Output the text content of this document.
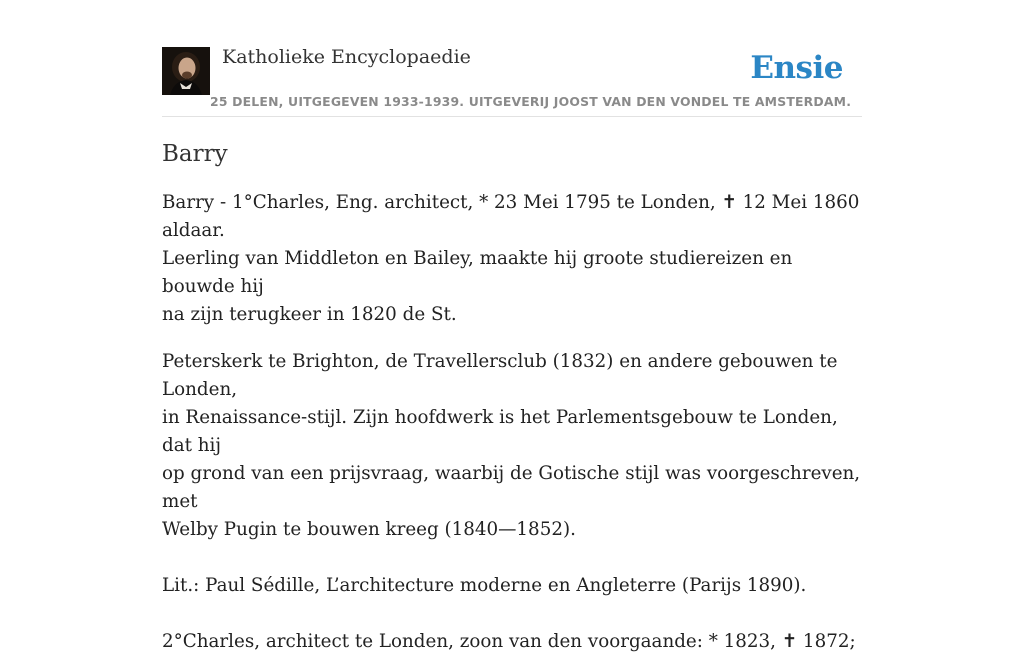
Katholieke Encyclopaedie	Ensie
25 DELEN, UITGEGEVEN 1933-1939. UITGEVERIJ JOOST VAN DEN VONDEL TE AMSTERDAM.
Barry

Barry - 1°Charles, Eng. architect, * 23 Mei 1795 te Londen, ✝ 12 Mei 1860 aldaar.
Leerling van Middleton en Bailey, maakte hij groote studiereizen en bouwde hij
na zijn terugkeer in 1820 de St.

Peterskerk te Brighton, de Travellersclub (1832) en andere gebouwen te Londen,
in Renaissance-stijl. Zijn hoofdwerk is het Parlementsgebouw te Londen, dat hij
op grond van een prijsvraag, waarbij de Gotische stijl was voorgeschreven, met
Welby Pugin te bouwen kreeg (1840—1852).

Lit.: Paul Sédille, L’architecture moderne en Angleterre (Parijs 1890).

2°Charles, architect te Londen, zoon van den voorgaande: * 1823, ✝ 1872;
